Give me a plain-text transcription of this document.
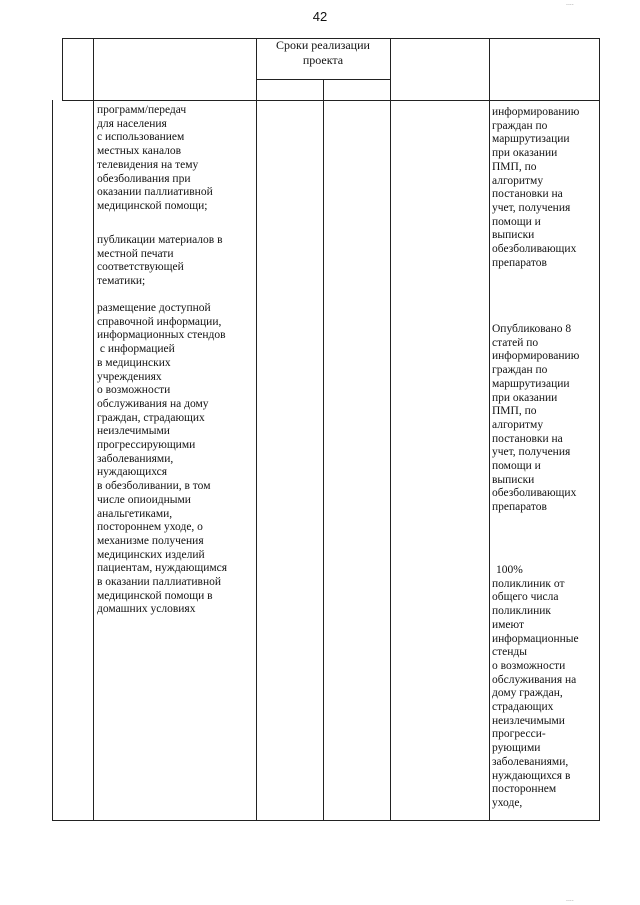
42
....
....
Сроки реализации проекта

программ/передач

для населения

с использованием

местных каналов

телевидения на тему

обезболивания при

оказании паллиативной

медицинской помощи;

публикации материалов в

местной печати

соответствующей

тематики;

размещение доступной

справочной информации,

информационных стендов

с информацией

в медицинских

учреждениях

о возможности

обслуживания на дому

граждан, страдающих

неизлечимыми

прогрессирующими

заболеваниями,

нуждающихся

в обезболивании, в том

числе опиоидными

анальгетиками,

постороннем уходе, о

механизме получения

медицинских изделий

пациентам, нуждающимся

в оказании паллиативной

медицинской помощи в

домашних условиях

информированию

граждан по

маршрутизации

при оказании

ПМП, по

алгоритму

постановки на

учет, получения

помощи и

выписки

обезболивающих

препаратов

Опубликовано 8

статей по

информированию

граждан по

маршрутизации

при оказании

ПМП, по

алгоритму

постановки на

учет, получения

помощи и

выписки

обезболивающих

препаратов

100%

поликлиник от

общего числа

поликлиник

имеют

информационные

стенды

о возможности

обслуживания на

дому граждан,

страдающих

неизлечимыми

прогресси-

рующими

заболеваниями,

нуждающихся в

постороннем

уходе,
